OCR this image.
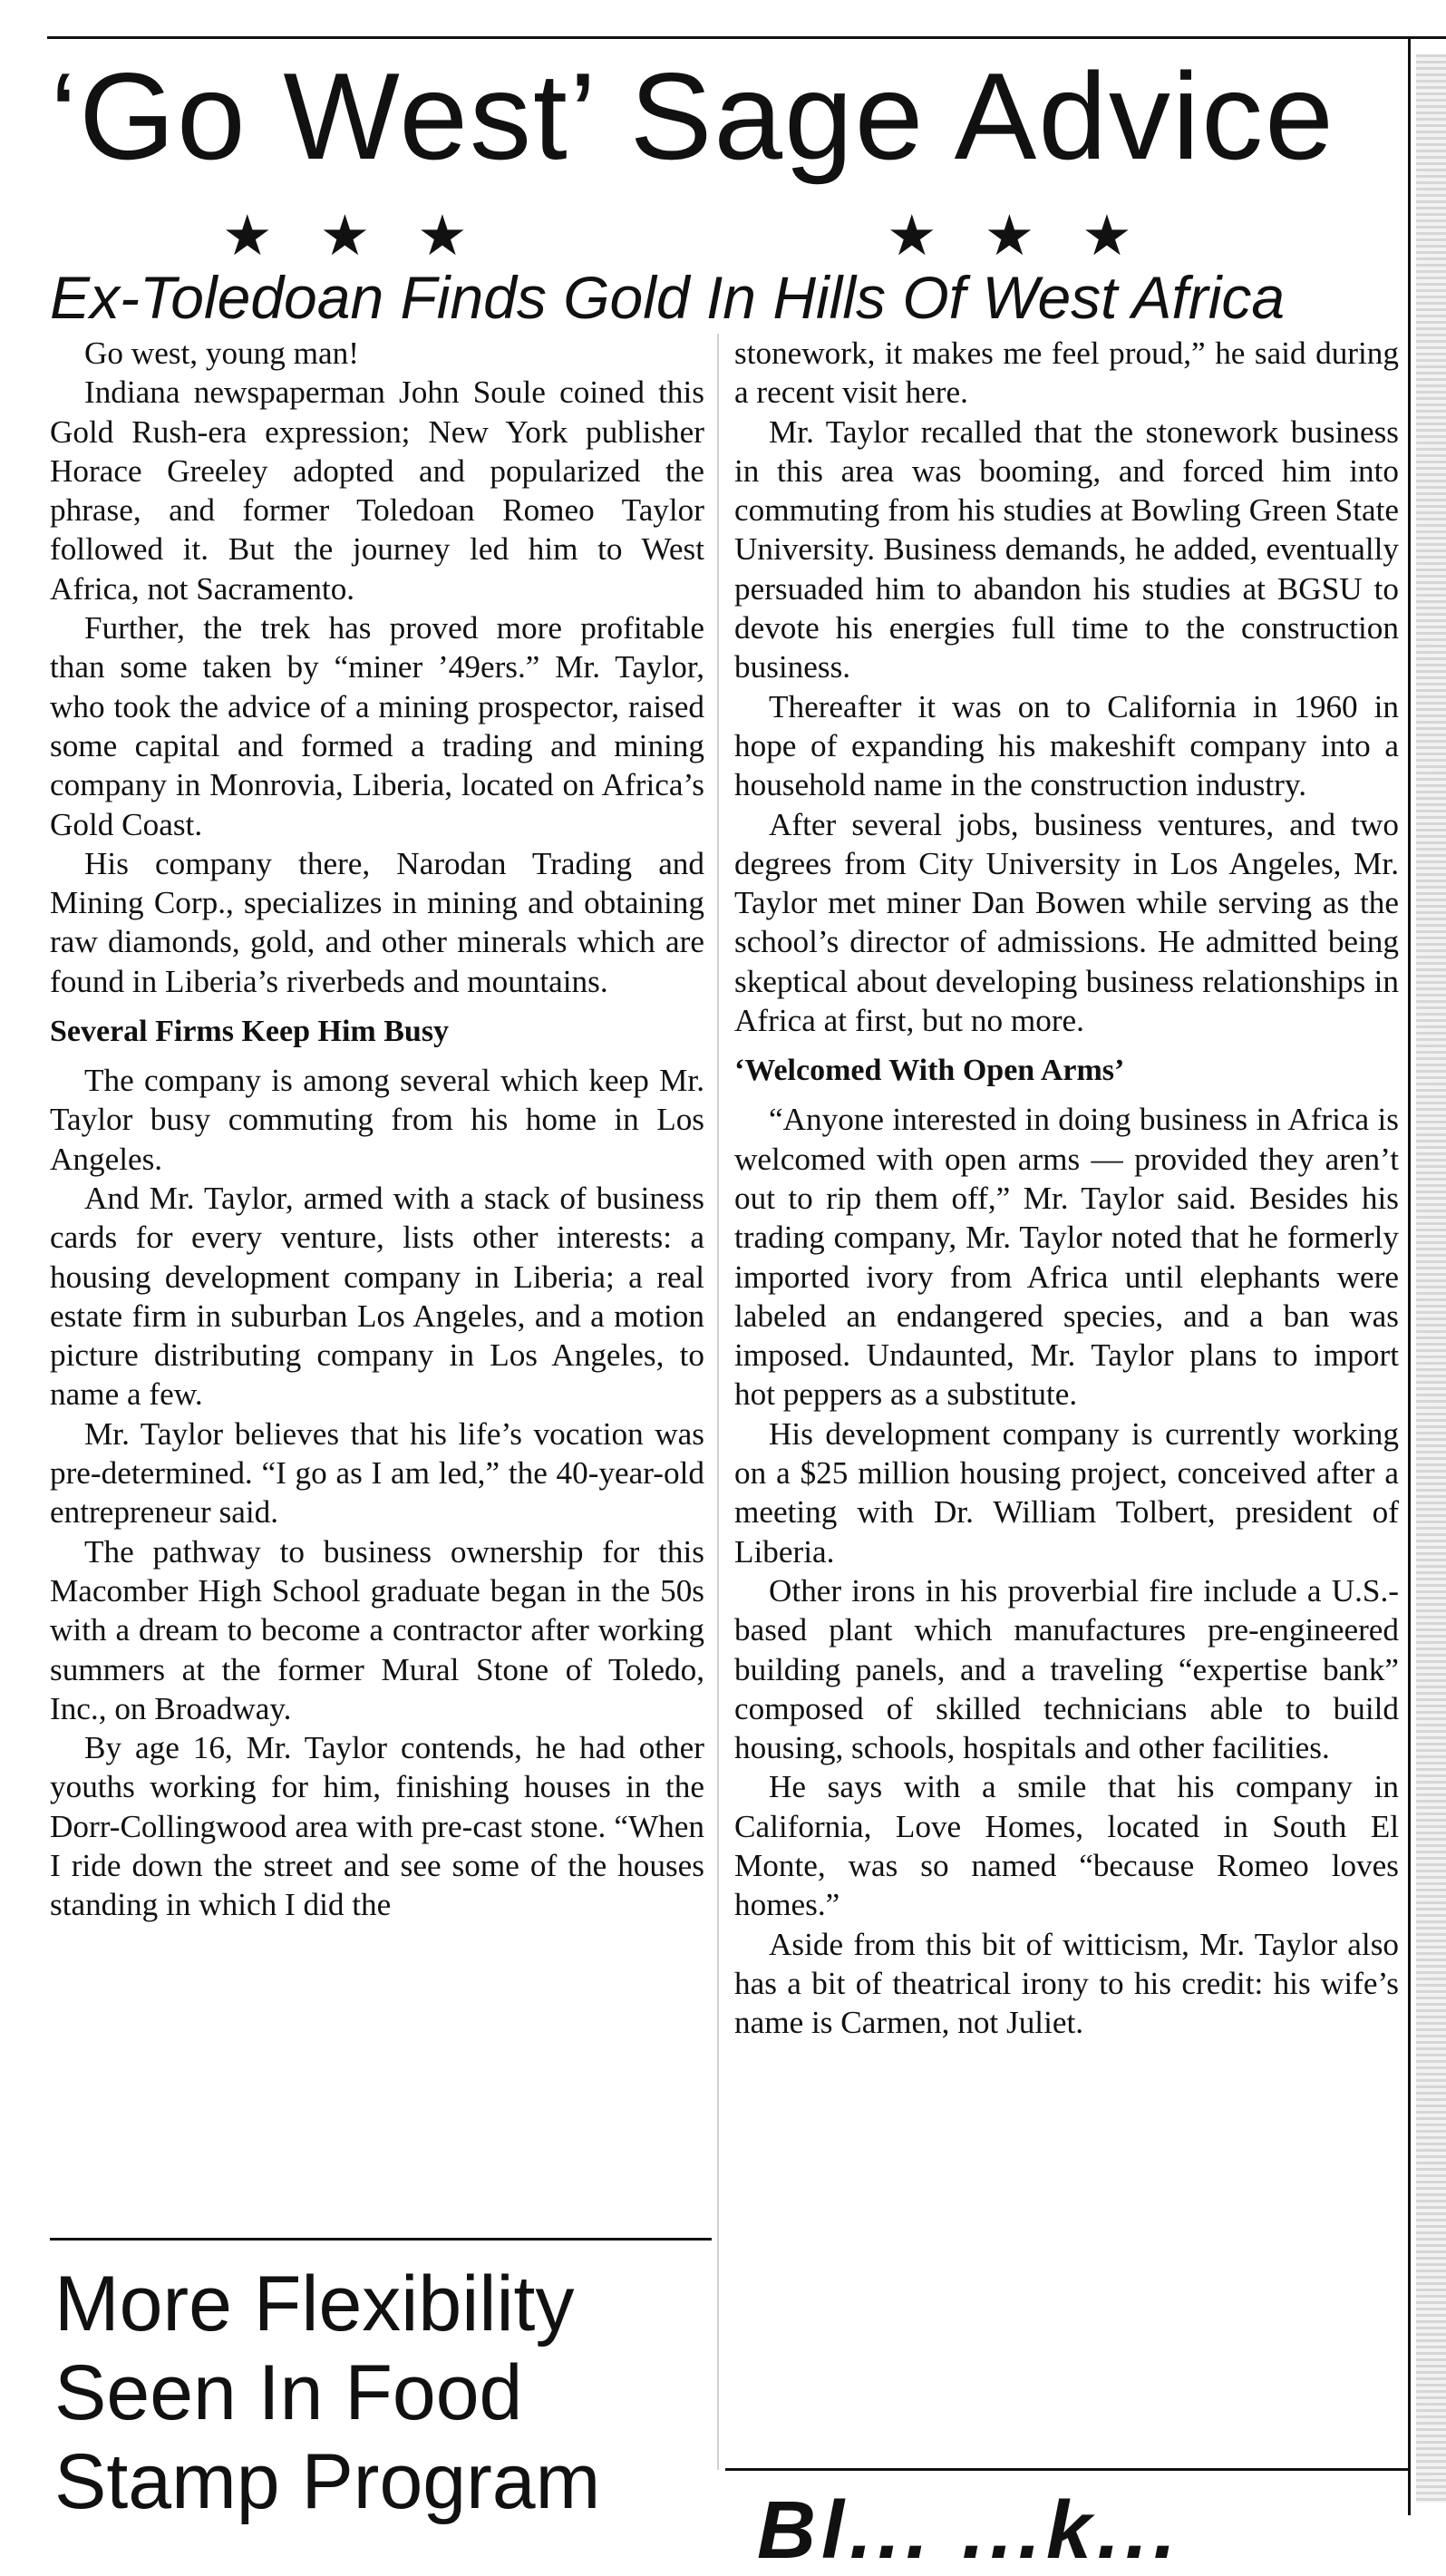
‘Go West’ Sage Advice
★★★	★★★
Ex-Toledoan Finds Gold In Hills Of West Africa

Go west, young man!

Indiana newspaperman John Soule coined this Gold Rush-era expression; New York publisher Horace Greeley adopted and popularized the phrase, and former Toledoan Romeo Taylor followed it. But the journey led him to West Africa, not Sacramento.

Further, the trek has proved more profitable than some taken by “miner ’49ers.” Mr. Taylor, who took the advice of a mining prospector, raised some capital and formed a trading and mining company in Monrovia, Liberia, located on Africa’s Gold Coast.

His company there, Narodan Trading and Mining Corp., specializes in mining and obtaining raw diamonds, gold, and other minerals which are found in Liberia’s riverbeds and mountains.

Several Firms Keep Him Busy

The company is among several which keep Mr. Taylor busy commuting from his home in Los Angeles.

And Mr. Taylor, armed with a stack of business cards for every venture, lists other interests: a housing development company in Liberia; a real estate firm in suburban Los Angeles, and a motion picture distributing company in Los Angeles, to name a few.

Mr. Taylor believes that his life’s vocation was pre-determined. “I go as I am led,” the 40-year-old entrepreneur said.

The pathway to business ownership for this Macomber High School graduate began in the 50s with a dream to become a contractor after working summers at the former Mural Stone of Toledo, Inc., on Broadway.

By age 16, Mr. Taylor contends, he had other youths working for him, finishing houses in the Dorr-Collingwood area with pre-cast stone. “When I ride down the street and see some of the houses standing in which I did the

stonework, it makes me feel proud,” he said during a recent visit here.

Mr. Taylor recalled that the stonework business in this area was booming, and forced him into commuting from his studies at Bowling Green State University. Business demands, he added, eventually persuaded him to abandon his studies at BGSU to devote his energies full time to the construction business.

Thereafter it was on to California in 1960 in hope of expanding his makeshift company into a household name in the construction industry.

After several jobs, business ventures, and two degrees from City University in Los Angeles, Mr. Taylor met miner Dan Bowen while serving as the school’s director of admissions. He admitted being skeptical about developing business relationships in Africa at first, but no more.

‘Welcomed With Open Arms’

“Anyone interested in doing business in Africa is welcomed with open arms — provided they aren’t out to rip them off,” Mr. Taylor said. Besides his trading company, Mr. Taylor noted that he formerly imported ivory from Africa until elephants were labeled an endangered species, and a ban was imposed. Undaunted, Mr. Taylor plans to import hot peppers as a substitute.

His development company is currently working on a $25 million housing project, conceived after a meeting with Dr. William Tolbert, president of Liberia.

Other irons in his proverbial fire include a U.S.-based plant which manufactures pre-engineered building panels, and a traveling “expertise bank” composed of skilled technicians able to build housing, schools, hospitals and other facilities.

He says with a smile that his company in California, Love Homes, located in South El Monte, was so named “because Romeo loves homes.”

Aside from this bit of witticism, Mr. Taylor also has a bit of theatrical irony to his credit: his wife’s name is Carmen, not Juliet.

More Flexibility Seen In Food Stamp Program
Bl... ...k...
